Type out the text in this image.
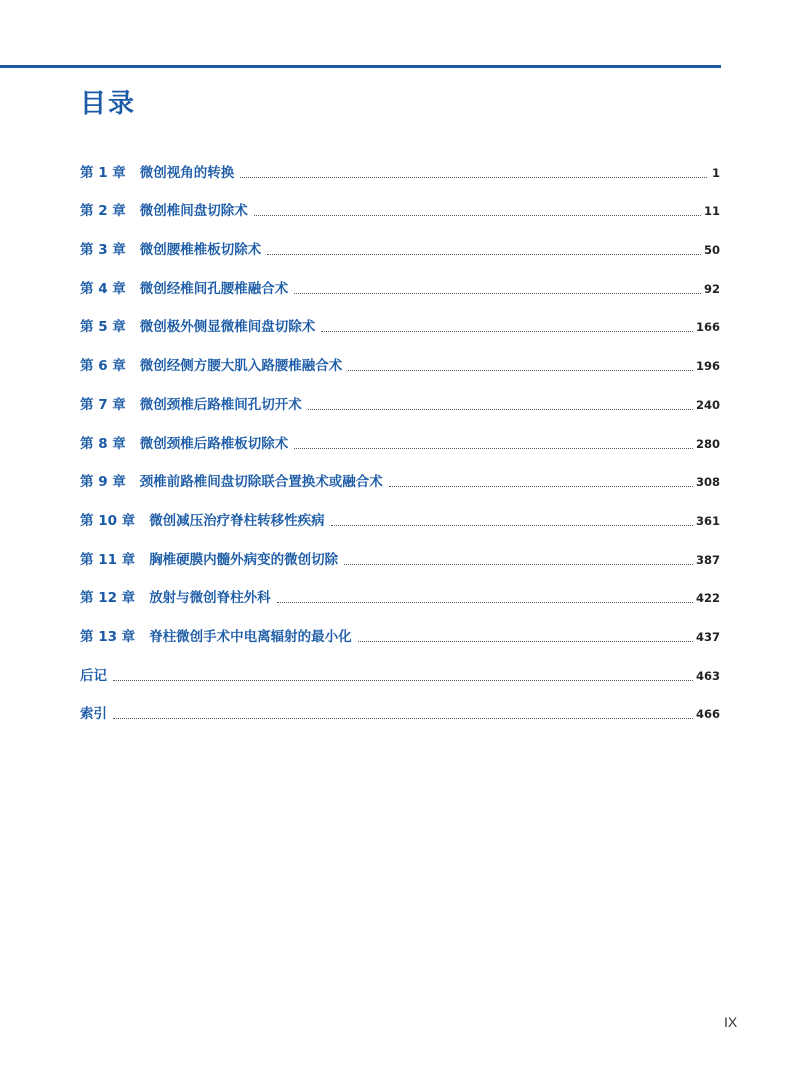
目录
第 1 章 微创视角的转换	1
第 2 章 微创椎间盘切除术	11
第 3 章 微创腰椎椎板切除术	50
第 4 章 微创经椎间孔腰椎融合术	92
第 5 章 微创极外侧显微椎间盘切除术	166
第 6 章 微创经侧方腰大肌入路腰椎融合术	196
第 7 章 微创颈椎后路椎间孔切开术	240
第 8 章 微创颈椎后路椎板切除术	280
第 9 章 颈椎前路椎间盘切除联合置换术或融合术	308
第 10 章 微创减压治疗脊柱转移性疾病	361
第 11 章 胸椎硬膜内髓外病变的微创切除	387
第 12 章 放射与微创脊柱外科	422
第 13 章 脊柱微创手术中电离辐射的最小化	437
后记	463
索引	466
IX
